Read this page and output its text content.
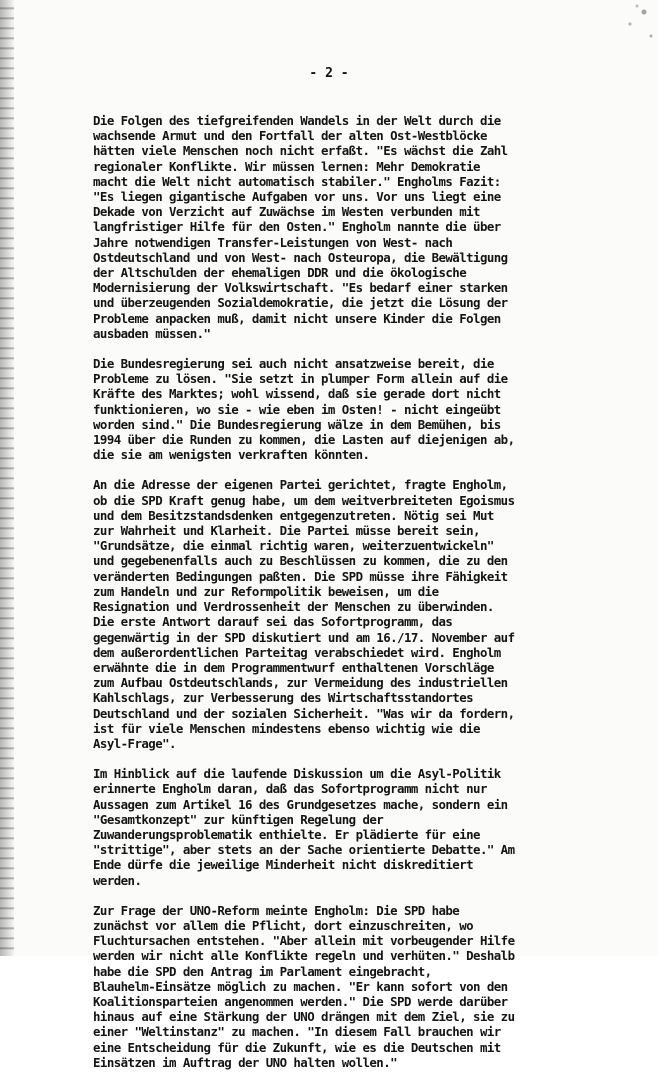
- 2 -
Die Folgen des tiefgreifenden Wandels in der Welt durch die
wachsende Armut und den Fortfall der alten Ost-Westblöcke
hätten viele Menschen noch nicht erfaßt. "Es wächst die Zahl
regionaler Konflikte. Wir müssen lernen: Mehr Demokratie
macht die Welt nicht automatisch stabiler." Engholms Fazit:
"Es liegen gigantische Aufgaben vor uns. Vor uns liegt eine
Dekade von Verzicht auf Zuwächse im Westen verbunden mit
langfristiger Hilfe für den Osten." Engholm nannte die über
Jahre notwendigen Transfer-Leistungen von West- nach
Ostdeutschland und von West- nach Osteuropa, die Bewältigung
der Altschulden der ehemaligen DDR und die ökologische
Modernisierung der Volkswirtschaft. "Es bedarf einer starken
und überzeugenden Sozialdemokratie, die jetzt die Lösung der
Probleme anpacken muß, damit nicht unsere Kinder die Folgen
ausbaden müssen."
Die Bundesregierung sei auch nicht ansatzweise bereit, die
Probleme zu lösen. "Sie setzt in plumper Form allein auf die
Kräfte des Marktes; wohl wissend, daß sie gerade dort nicht
funktionieren, wo sie - wie eben im Osten! - nicht eingeübt
worden sind." Die Bundesregierung wälze in dem Bemühen, bis
1994 über die Runden zu kommen, die Lasten auf diejenigen ab,
die sie am wenigsten verkraften könnten.
An die Adresse der eigenen Partei gerichtet, fragte Engholm,
ob die SPD Kraft genug habe, um dem weitverbreiteten Egoismus
und dem Besitzstandsdenken entgegenzutreten. Nötig sei Mut
zur Wahrheit und Klarheit. Die Partei müsse bereit sein,
"Grundsätze, die einmal richtig waren, weiterzuentwickeln"
und gegebenenfalls auch zu Beschlüssen zu kommen, die zu den
veränderten Bedingungen paßten. Die SPD müsse ihre Fähigkeit
zum Handeln und zur Reformpolitik beweisen, um die
Resignation und Verdrossenheit der Menschen zu überwinden.
Die erste Antwort darauf sei das Sofortprogramm, das
gegenwärtig in der SPD diskutiert und am 16./17. November auf
dem außerordentlichen Parteitag verabschiedet wird. Engholm
erwähnte die in dem Programmentwurf enthaltenen Vorschläge
zum Aufbau Ostdeutschlands, zur Vermeidung des industriellen
Kahlschlags, zur Verbesserung des Wirtschaftsstandortes
Deutschland und der sozialen Sicherheit. "Was wir da fordern,
ist für viele Menschen mindestens ebenso wichtig wie die
Asyl-Frage".
Im Hinblick auf die laufende Diskussion um die Asyl-Politik
erinnerte Engholm daran, daß das Sofortprogramm nicht nur
Aussagen zum Artikel 16 des Grundgesetzes mache, sondern ein
"Gesamtkonzept" zur künftigen Regelung der
Zuwanderungsproblematik enthielte. Er plädierte für eine
"strittige", aber stets an der Sache orientierte Debatte." Am
Ende dürfe die jeweilige Minderheit nicht diskreditiert
werden.
Zur Frage der UNO-Reform meinte Engholm: Die SPD habe
zunächst vor allem die Pflicht, dort einzuschreiten, wo
Fluchtursachen entstehen. "Aber allein mit vorbeugender Hilfe
werden wir nicht alle Konflikte regeln und verhüten." Deshalb
habe die SPD den Antrag im Parlament eingebracht,
Blauhelm-Einsätze möglich zu machen. "Er kann sofort von den
Koalitionsparteien angenommen werden." Die SPD werde darüber
hinaus auf eine Stärkung der UNO drängen mit dem Ziel, sie zu
einer "Weltinstanz" zu machen. "In diesem Fall brauchen wir
eine Entscheidung für die Zukunft, wie es die Deutschen mit
Einsätzen im Auftrag der UNO halten wollen."
